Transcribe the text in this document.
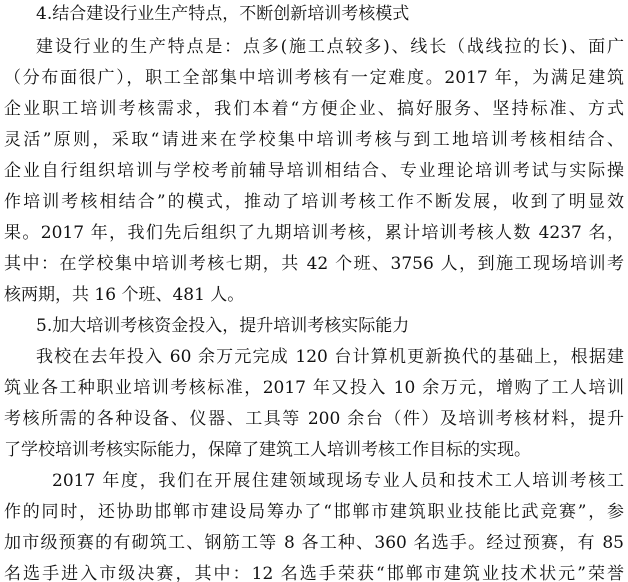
4.结合建设行业生产特点，不断创新培训考核模式
建设行业的生产特点是：点多(施工点较多)、线长（战线拉的长)、面广
（分布面很广），职工全部集中培训考核有一定难度。2017 年，为满足建筑
企业职工培训考核需求，我们本着“方便企业、搞好服务、坚持标准、方式
灵活”原则，采取“请进来在学校集中培训考核与到工地培训考核相结合、
企业自行组织培训与学校考前辅导培训相结合、专业理论培训考试与实际操
作培训考核相结合”的模式，推动了培训考核工作不断发展，收到了明显效
果。2017 年，我们先后组织了九期培训考核，累计培训考核人数 4237 名，
其中：在学校集中培训考核七期，共 42 个班、3756 人，到施工现场培训考
核两期，共 16 个班、481 人。
5.加大培训考核资金投入，提升培训考核实际能力
我校在去年投入 60 余万元完成 120 台计算机更新换代的基础上，根据建
筑业各工种职业培训考核标准，2017 年又投入 10 余万元，增购了工人培训
考核所需的各种设备、仪器、工具等 200 余台（件）及培训考核材料，提升
了学校培训考核实际能力，保障了建筑工人培训考核工作目标的实现。
2017 年度，我们在开展住建领域现场专业人员和技术工人培训考核工
作的同时，还协助邯郸市建设局筹办了“邯郸市建筑职业技能比武竞赛”，参
加市级预赛的有砌筑工、钢筋工等 8 各工种、360 名选手。经过预赛，有 85
名选手进入市级决赛，其中：12 名选手荣获“邯郸市建筑业技术状元”荣誉
